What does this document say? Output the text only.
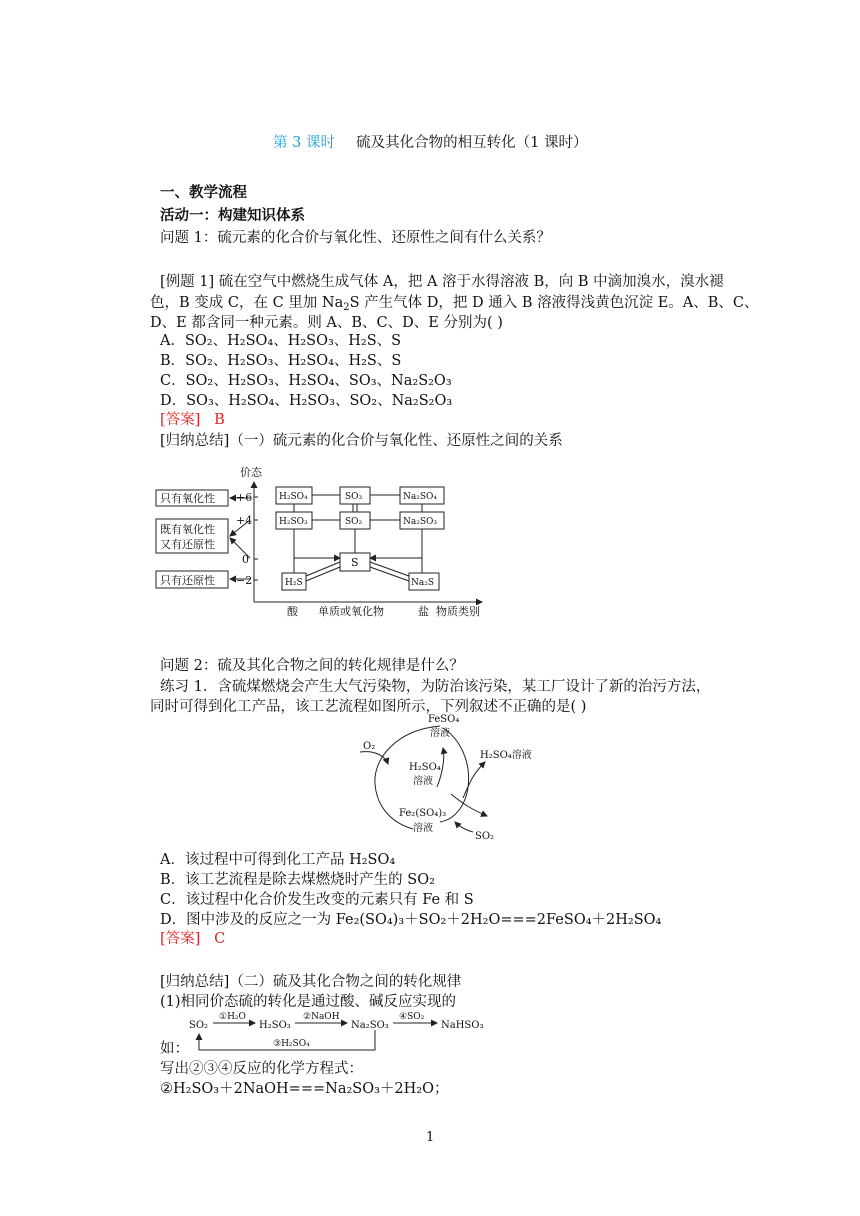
第 3 课时 硫及其化合物的相互转化（1 课时）
一、教学流程
活动一：构建知识体系
问题 1：硫元素的化合价与氧化性、还原性之间有什么关系？
[例题 1] 硫在空气中燃烧生成气体 A，把 A 溶于水得溶液 B，向 B 中滴加溴水，溴水褪
色，B 变成 C，在 C 里加 $Na_2S$ 产生气体 D，把 D 通入 B 溶液得浅黄色沉淀 E。A、B、C、
D、E 都含同一种元素。则 A、B、C、D、E 分别为( )
A．SO₂、H₂SO₄、H₂SO₃、H₂S、S
B．SO₂、H₂SO₃、H₂SO₄、H₂S、S
C．SO₂、H₂SO₃、H₂SO₄、SO₃、Na₂S₂O₃
D．SO₃、H₂SO₄、H₂SO₃、SO₂、Na₂S₂O₃
[答案] B
[归纳总结]（一）硫元素的化合价与氧化性、还原性之间的关系
价态
+6
+4
0
−2
只有氧化性
既有氧化性
又有还原性
只有还原性
酸 单质或氧化物	盐 物质类别
H₂SO₄	SO₃	Na₂SO₄
H₂SO₃	SO₂	Na₂SO₃
S
H₂S	Na₂S
问题 2：硫及其化合物之间的转化规律是什么？
练习 1．含硫煤燃烧会产生大气污染物，为防治该污染，某工厂设计了新的治污方法，
同时可得到化工产品，该工艺流程如图所示，下列叙述不正确的是( )
FeSO₄
溶液
O₂
H₂SO₄
溶液
H₂SO₄溶液
Fe₂(SO₄)₃
溶液
SO₂
A．该过程中可得到化工产品 H₂SO₄
B．该工艺流程是除去煤燃烧时产生的 SO₂
C．该过程中化合价发生改变的元素只有 Fe 和 S
D．图中涉及的反应之一为 Fe₂(SO₄)₃＋SO₂＋2H₂O===2FeSO₄＋2H₂SO₄
[答案] C
[归纳总结]（二）硫及其化合物之间的转化规律
(1)相同价态硫的转化是通过酸、碱反应实现的
SO₂	H₂SO₃	Na₂SO₃	NaHSO₃
①H₂O	②NaOH	④SO₂
③H₂SO₄
如：
写出②③④反应的化学方程式：
②H₂SO₃＋2NaOH===Na₂SO₃＋2H₂O；
1
